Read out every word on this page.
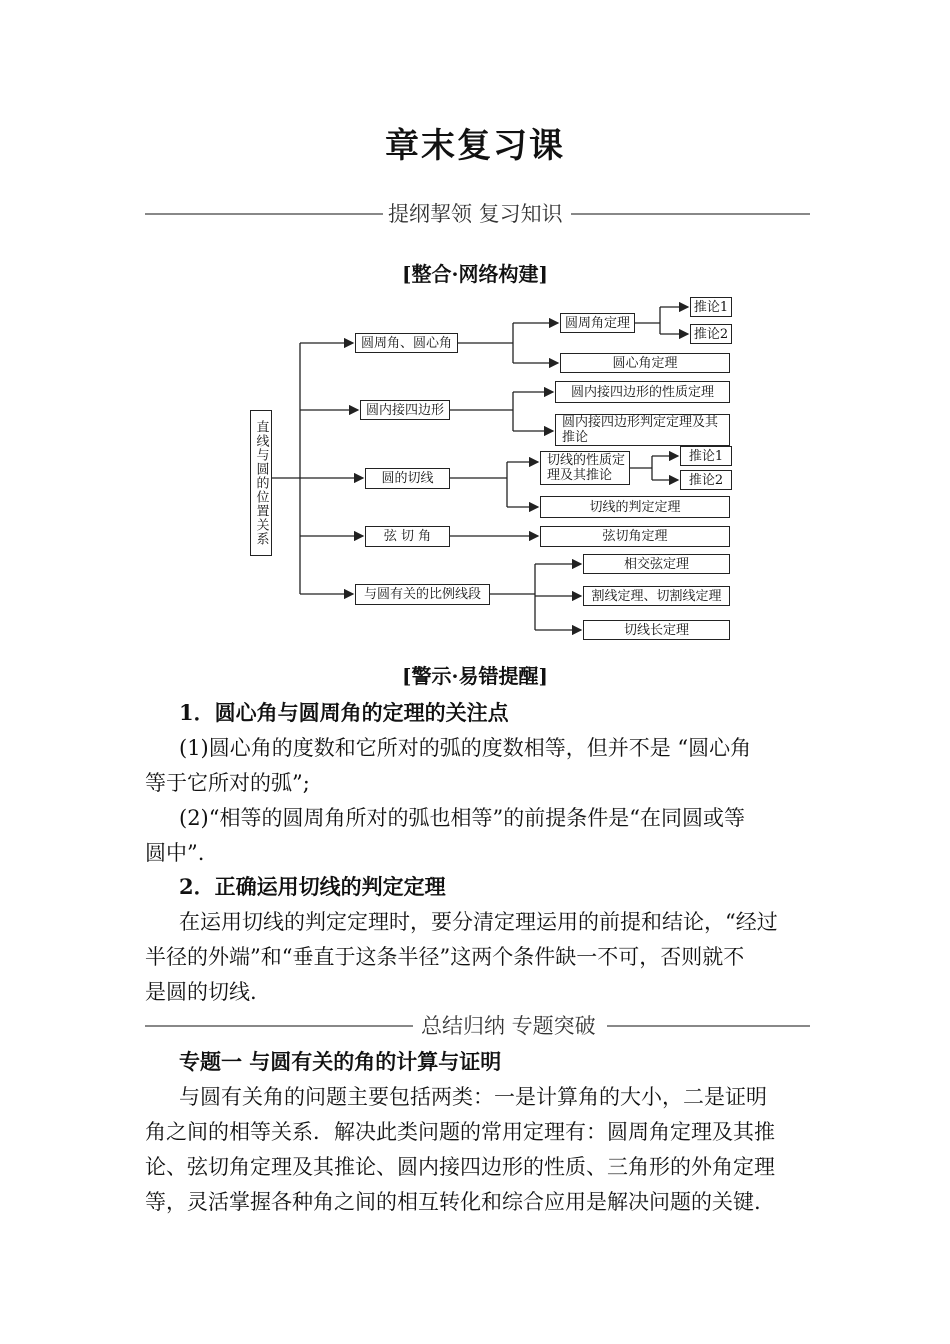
章末复习课
提纲挈领 复习知识
[整合·网络构建]
直线与圆的位置关系
圆周角、圆心角
圆周角定理
推论1
推论2
圆心角定理
圆内接四边形
圆内接四边形的性质定理
圆内接四边形判定定理及其推论
圆的切线
切线的性质定理及其推论
推论1
推论2
切线的判定定理
弦 切 角	弦切角定理
与圆有关的比例线段
相交弦定理
割线定理、切割线定理
切线长定理
[警示·易错提醒]
1．圆心角与圆周角的定理的关注点
(1)圆心角的度数和它所对的弧的度数相等，但并不是 “圆心角
等于它所对的弧”;
(2)“相等的圆周角所对的弧也相等”的前提条件是“在同圆或等
圆中”.
2．正确运用切线的判定定理
在运用切线的判定定理时，要分清定理运用的前提和结论，“经过
半径的外端”和“垂直于这条半径”这两个条件缺一不可，否则就不
是圆的切线.
总结归纳 专题突破
专题一 与圆有关的角的计算与证明
与圆有关角的问题主要包括两类：一是计算角的大小，二是证明
角之间的相等关系．解决此类问题的常用定理有：圆周角定理及其推
论、弦切角定理及其推论、圆内接四边形的性质、三角形的外角定理
等，灵活掌握各种角之间的相互转化和综合应用是解决问题的关键.
